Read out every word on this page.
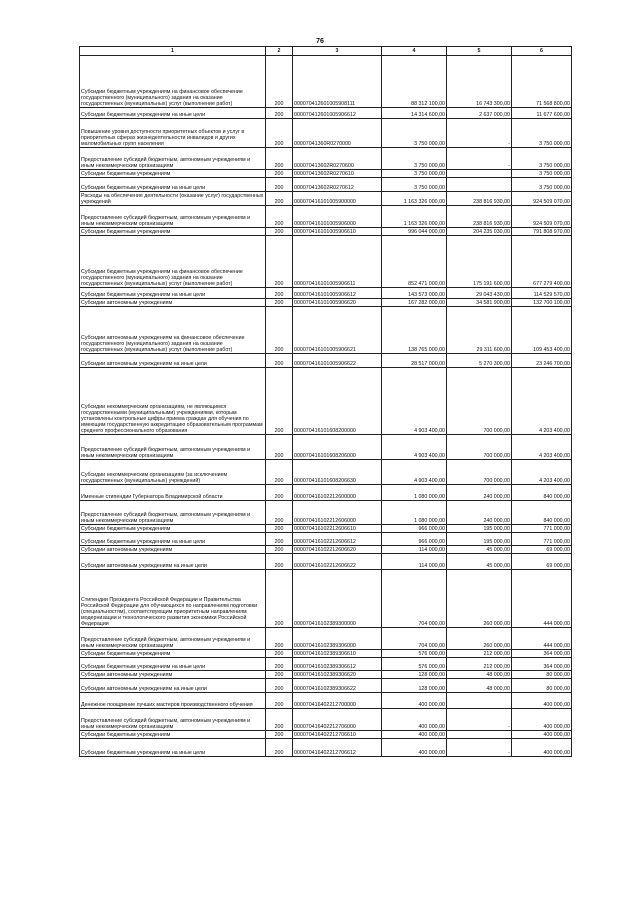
76
1	2	3	4	5	6
Субсидии бюджетным учреждениям на финансовое обеспечение государственного (муниципального) задания на оказание государственных (муниципальных) услуг (выполнение работ)	200	000070412601005908111	88 312 100,00	16 743 300,00	71 568 800,00
Субсидии бюджетным учреждениям на иные цели	200	000070412601005906612	14 314 600,00	2 637 000,00	11 677 600,00
Повышение уровня доступности приоритетных объектов и услуг в приоритетных сферах жизнедеятельности инвалидов и других маломобильных групп населения	200	00007041360R0270000	3 750 000,00	-	3 750 000,00
Предоставление субсидий бюджетным, автономным учреждениям и иным некоммерческим организациям	200	000070413602R0270600	3 750 000,00	-	3 750 000,00
Субсидии бюджетным учреждениям	200	000070413602R0270610	3 750 000,00		3 750 000,00
Субсидии бюджетным учреждениям на иные цели	200	000070413602R0270612	3 750 000,00		3 750 000,00
Расходы на обеспечение деятельности (оказание услуг) государственных учреждений	200	000070416101005900000	1 163 326 000,00	238 816 930,00	924 509 070,00
Предоставление субсидий бюджетным, автономным учреждениям и иным некоммерческим организациям	200	000070416101005906000	1 163 326 000,00	238 816 930,00	924 509 070,00
Субсидии бюджетным учреждениям	200	000070416101005906610	996 044 000,00	204 235 030,00	791 808 970,00
Субсидии бюджетным учреждениям на финансовое обеспечение государственного (муниципального) задания на оказание государственных (муниципальных) услуг (выполнение работ)	200	000070416101005906611	852 471 000,00	175 191 600,00	677 279 400,00
Субсидии бюджетным учреждениям на иные цели	200	000070416101005906612	143 573 000,00	29 043 430,00	114 529 570,00
Субсидии автономным учреждениям	200	000070416101005906620	167 282 000,00	34 581 900,00	132 700 100,00
Субсидии автономным учреждениям на финансовое обеспечение государственного (муниципального) задания на оказание государственных (муниципальных) услуг (выполнение работ)	200	000070416101005906621	138 765 000,00	29 311 600,00	109 453 400,00
Субсидии автономным учреждениям на иные цели	200	000070416101005906622	28 517 000,00	5 270 300,00	23 246 700,00
Субсидии некоммерческим организациям, не являющимся государственными (муниципальными) учреждениями, которым установлены контрольные цифры приема граждан для обучения по имеющим государственную аккредитацию образовательным программам среднего профессионального образования	200	000070416101608200000	4 903 400,00	700 000,00	4 203 400,00
Предоставление субсидий бюджетным, автономным учреждениям и иным некоммерческим организациям	200	000070416101608206000	4 903 400,00	700 000,00	4 203 400,00
Субсидии некоммерческим организациям (за исключением государственных (муниципальных) учреждений)	200	000070416101608206630	4 903 400,00	700 000,00	4 203 400,00
Именные стипендии Губернатора Владимирской области	200	000070416102212600000	1 080 000,00	240 000,00	840 000,00
Предоставление субсидий бюджетным, автономным учреждениям и иным некоммерческим организациям	200	000070416102212606000	1 080 000,00	240 000,00	840 000,00
Субсидии бюджетным учреждениям	200	000070416102212606610	966 000,00	195 000,00	771 000,00
Субсидии бюджетным учреждениям на иные цели	200	000070416102212606612	966 000,00	195 000,00	771 000,00
Субсидии автономным учреждениям	200	000070416102212606620	114 000,00	45 000,00	69 000,00
Субсидии автономным учреждениям на иные цели	200	000070416102212606622	114 000,00	45 000,00	69 000,00
Стипендии Президента Российской Федерации и Правительства Российской Федерации для обучающихся по направлениям подготовки (специальностям), соответствующим приоритетным направлениям модернизации и технологического развития экономики Российской Федерации	200	000070416102389300000	704 000,00	260 000,00	444 000,00
Предоставление субсидий бюджетным, автономным учреждениям и иным некоммерческим организациям	200	000070416102389306000	704 000,00	260 000,00	444 000,00
Субсидии бюджетным учреждениям	200	000070416102389306610	576 000,00	212 000,00	364 000,00
Субсидии бюджетным учреждениям на иные цели	200	000070416102389306612	576 000,00	212 000,00	364 000,00
Субсидии автономным учреждениям	200	000070416102389306620	128 000,00	48 000,00	80 000,00
Субсидии автономным учреждениям на иные цели	200	000070416102389306622	128 000,00	48 000,00	80 000,00
Денежное поощрение лучших мастеров производственного обучения	200	000070416402212700000	400 000,00		400 000,00
Предоставление субсидий бюджетным, автономным учреждениям и иным некоммерческим организациям	200	000070416402212706000	400 000,00	-	400 000,00
Субсидии бюджетным учреждениям	200	000070416402212706610	400 000,00		400 000,00
Субсидии бюджетным учреждениям на иные цели	200	000070416402212706612	400 000,00	-	400 000,00
